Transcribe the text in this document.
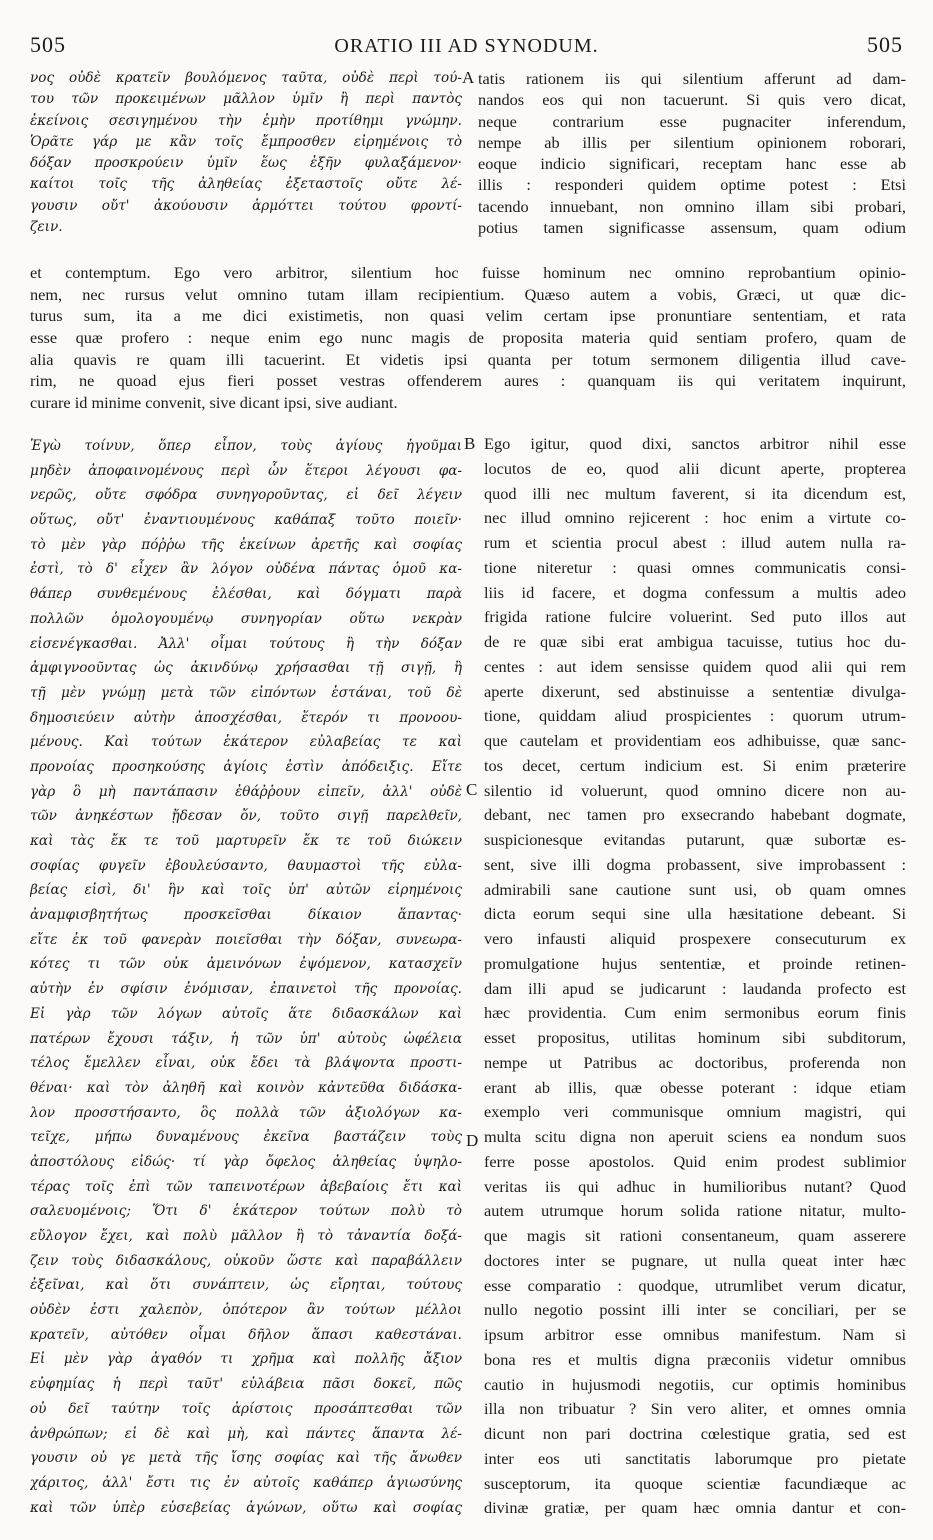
505	ORATIO III AD SYNODUM.	505
νος οὐδὲ κρατεῖν βουλόμενος ταῦτα, οὐδὲ περὶ τού-
του τῶν προκειμένων μᾶλλον ὑμῖν ἢ περὶ παντὸς
ἐκείνοις σεσιγημένου τὴν ἐμὴν προτίθημι γνώμην.
Ὁρᾶτε γάρ με κἂν τοῖς ἔμπροσθεν εἰρημένοις τὸ
δόξαν προσκρούειν ὑμῖν ἕως ἐξῆν φυλαξάμενον·
καίτοι τοῖς τῆς ἀληθείας ἐξεταστοῖς οὔτε λέ-
γουσιν οὔτ' ἀκούουσιν ἁρμόττει τούτου φροντί-
ζειν.
tatis rationem iis qui silentium afferunt ad dam-
nandos eos qui non tacuerunt. Si quis vero dicat,
neque contrarium esse pugnaciter inferendum,
nempe ab illis per silentium opinionem roborari,
eoque indicio significari, receptam hanc esse ab
illis : responderi quidem optime potest : Etsi
tacendo innuebant, non omnino illam sibi probari,
potius tamen significasse assensum, quam odium
et contemptum. Ego vero arbitror, silentium hoc fuisse hominum nec omnino reprobantium opinio-
nem, nec rursus velut omnino tutam illam recipientium. Quæso autem a vobis, Græci, ut quæ dic-
turus sum, ita a me dici existimetis, non quasi velim certam ipse pronuntiare sententiam, et rata
esse quæ profero : neque enim ego nunc magis de proposita materia quid sentiam profero, quam de
alia quavis re quam illi tacuerint. Et videtis ipsi quanta per totum sermonem diligentia illud cave-
rim, ne quoad ejus fieri posset vestras offenderem aures : quanquam iis qui veritatem inquirunt,
curare id minime convenit, sive dicant ipsi, sive audiant.
Ἐγὼ τοίνυν, ὅπερ εἶπον, τοὺς ἁγίους ἡγοῦμαι
μηδὲν ἀποφαινομένους περὶ ὧν ἕτεροι λέγουσι φα-
νερῶς, οὔτε σφόδρα συνηγοροῦντας, εἰ δεῖ λέγειν
οὕτως, οὔτ' ἐναντιουμένους καθάπαξ τοῦτο ποιεῖν·
τὸ μὲν γὰρ πόῤῥω τῆς ἐκείνων ἀρετῆς καὶ σοφίας
ἐστὶ, τὸ δ' εἶχεν ἂν λόγον οὐδένα πάντας ὁμοῦ κα-
θάπερ συνθεμένους ἑλέσθαι, καὶ δόγματι παρὰ
πολλῶν ὁμολογουμένῳ συνηγορίαν οὕτω νεκρὰν
εἰσενέγκασθαι. Ἀλλ' οἶμαι τούτους ἢ τὴν δόξαν
ἀμφιγνοοῦντας ὡς ἀκινδύνῳ χρήσασθαι τῇ σιγῇ, ἢ
τῇ μὲν γνώμῃ μετὰ τῶν εἰπόντων ἑστάναι, τοῦ δὲ
δημοσιεύειν αὐτὴν ἀποσχέσθαι, ἕτερόν τι προνοου-
μένους. Καὶ τούτων ἑκάτερον εὐλαβείας τε καὶ
προνοίας προσηκούσης ἁγίοις ἐστὶν ἀπόδειξις. Εἴτε
γὰρ ὃ μὴ παντάπασιν ἐθάῤῥουν εἰπεῖν, ἀλλ' οὐδὲ
τῶν ἀνηκέστων ᾔδεσαν ὄν, τοῦτο σιγῇ παρελθεῖν,
καὶ τὰς ἔκ τε τοῦ μαρτυρεῖν ἔκ τε τοῦ διώκειν
σοφίας φυγεῖν ἐβουλεύσαντο, θαυμαστοὶ τῆς εὐλα-
βείας εἰσὶ, δι' ἣν καὶ τοῖς ὑπ' αὐτῶν εἰρημένοις
ἀναμφισβητήτως προσκεῖσθαι δίκαιον ἅπαντας·
εἴτε ἐκ τοῦ φανερὰν ποιεῖσθαι τὴν δόξαν, συνεωρα-
κότες τι τῶν οὐκ ἀμεινόνων ἐψόμενον, κατασχεῖν
αὐτὴν ἐν σφίσιν ἐνόμισαν, ἐπαινετοὶ τῆς προνοίας.
Εἰ γὰρ τῶν λόγων αὐτοῖς ἅτε διδασκάλων καὶ
πατέρων ἔχουσι τάξιν, ἡ τῶν ὑπ' αὐτοὺς ὠφέλεια
τέλος ἔμελλεν εἶναι, οὐκ ἔδει τὰ βλάψοντα προστι-
θέναι· καὶ τὸν ἀληθῆ καὶ κοινὸν κἀντεῦθα διδάσκα-
λον προσστήσαντο, ὃς πολλὰ τῶν ἀξιολόγων κα-
τεῖχε, μήπω δυναμένους ἐκεῖνα βαστάζειν τοὺς
ἀποστόλους εἰδώς· τί γὰρ ὄφελος ἀληθείας ὑψηλο-
τέρας τοῖς ἐπὶ τῶν ταπεινοτέρων ἀβεβαίοις ἔτι καὶ
σαλευομένοις; Ὅτι δ' ἑκάτερον τούτων πολὺ τὸ
εὔλογον ἔχει, καὶ πολὺ μᾶλλον ἢ τὸ τἀναντία δοξά-
ζειν τοὺς διδασκάλους, οὐκοῦν ὥστε καὶ παραβάλλειν
ἐξεῖναι, καὶ ὅτι συνάπτειν, ὡς εἴρηται, τούτους
οὐδὲν ἐστι χαλεπὸν, ὁπότερον ἂν τούτων μέλλοι
κρατεῖν, αὐτόθεν οἶμαι δῆλον ἅπασι καθεστάναι.
Εἰ μὲν γὰρ ἀγαθόν τι χρῆμα καὶ πολλῆς ἄξιον
εὐφημίας ἡ περὶ ταῦτ' εὐλάβεια πᾶσι δοκεῖ, πῶς
οὐ δεῖ ταύτην τοῖς ἀρίστοις προσάπτεσθαι τῶν
ἀνθρώπων; εἰ δὲ καὶ μὴ, καὶ πάντες ἅπαντα λέ-
γουσιν οὐ γε μετὰ τῆς ἴσης σοφίας καὶ τῆς ἄνωθεν
χάριτος, ἀλλ' ἔστι τις ἐν αὐτοῖς καθάπερ ἁγιωσύνης
καὶ τῶν ὑπὲρ εὐσεβείας ἀγώνων, οὕτω καὶ σοφίας
Ego igitur, quod dixi, sanctos arbitror nihil esse
locutos de eo, quod alii dicunt aperte, propterea
quod illi nec multum faverent, si ita dicendum est,
nec illud omnino rejicerent : hoc enim a virtute co-
rum et scientia procul abest : illud autem nulla ra-
tione niteretur : quasi omnes communicatis consi-
liis id facere, et dogma confessum a multis adeo
frigida ratione fulcire voluerint. Sed puto illos aut
de re quæ sibi erat ambigua tacuisse, tutius hoc du-
centes : aut idem sensisse quidem quod alii qui rem
aperte dixerunt, sed abstinuisse a sententiæ divulga-
tione, quiddam aliud prospicientes : quorum utrum-
que cautelam et providentiam eos adhibuisse, quæ sanc-
tos decet, certum indicium est. Si enim præterire
silentio id voluerunt, quod omnino dicere non au-
debant, nec tamen pro exsecrando habebant dogmate,
suspicionesque evitandas putarunt, quæ subortæ es-
sent, sive illi dogma probassent, sive improbassent :
admirabili sane cautione sunt usi, ob quam omnes
dicta eorum sequi sine ulla hæsitatione debeant. Si
vero infausti aliquid prospexere consecuturum ex
promulgatione hujus sententiæ, et proinde retinen-
dam illi apud se judicarunt : laudanda profecto est
hæc providentia. Cum enim sermonibus eorum finis
esset propositus, utilitas hominum sibi subditorum,
nempe ut Patribus ac doctoribus, proferenda non
erant ab illis, quæ obesse poterant : idque etiam
exemplo veri communisque omnium magistri, qui
multa scitu digna non aperuit sciens ea nondum suos
ferre posse apostolos. Quid enim prodest sublimior
veritas iis qui adhuc in humilioribus nutant? Quod
autem utrumque horum solida ratione nitatur, multo-
que magis sit rationi consentaneum, quam asserere
doctores inter se pugnare, ut nulla queat inter hæc
esse comparatio : quodque, utrumlibet verum dicatur,
nullo negotio possint illi inter se conciliari, per se
ipsum arbitror esse omnibus manifestum. Nam si
bona res et multis digna præconiis videtur omnibus
cautio in hujusmodi negotiis, cur optimis hominibus
illa non tribuatur ? Sin vero aliter, et omnes omnia
dicunt non pari doctrina cœlestique gratia, sed est
inter eos uti sanctitatis laborumque pro pietate
susceptorum, ita quoque scientiæ facundiæque ac
divinæ gratiæ, per quam hæc omnia dantur et con-
A
B
C
D
